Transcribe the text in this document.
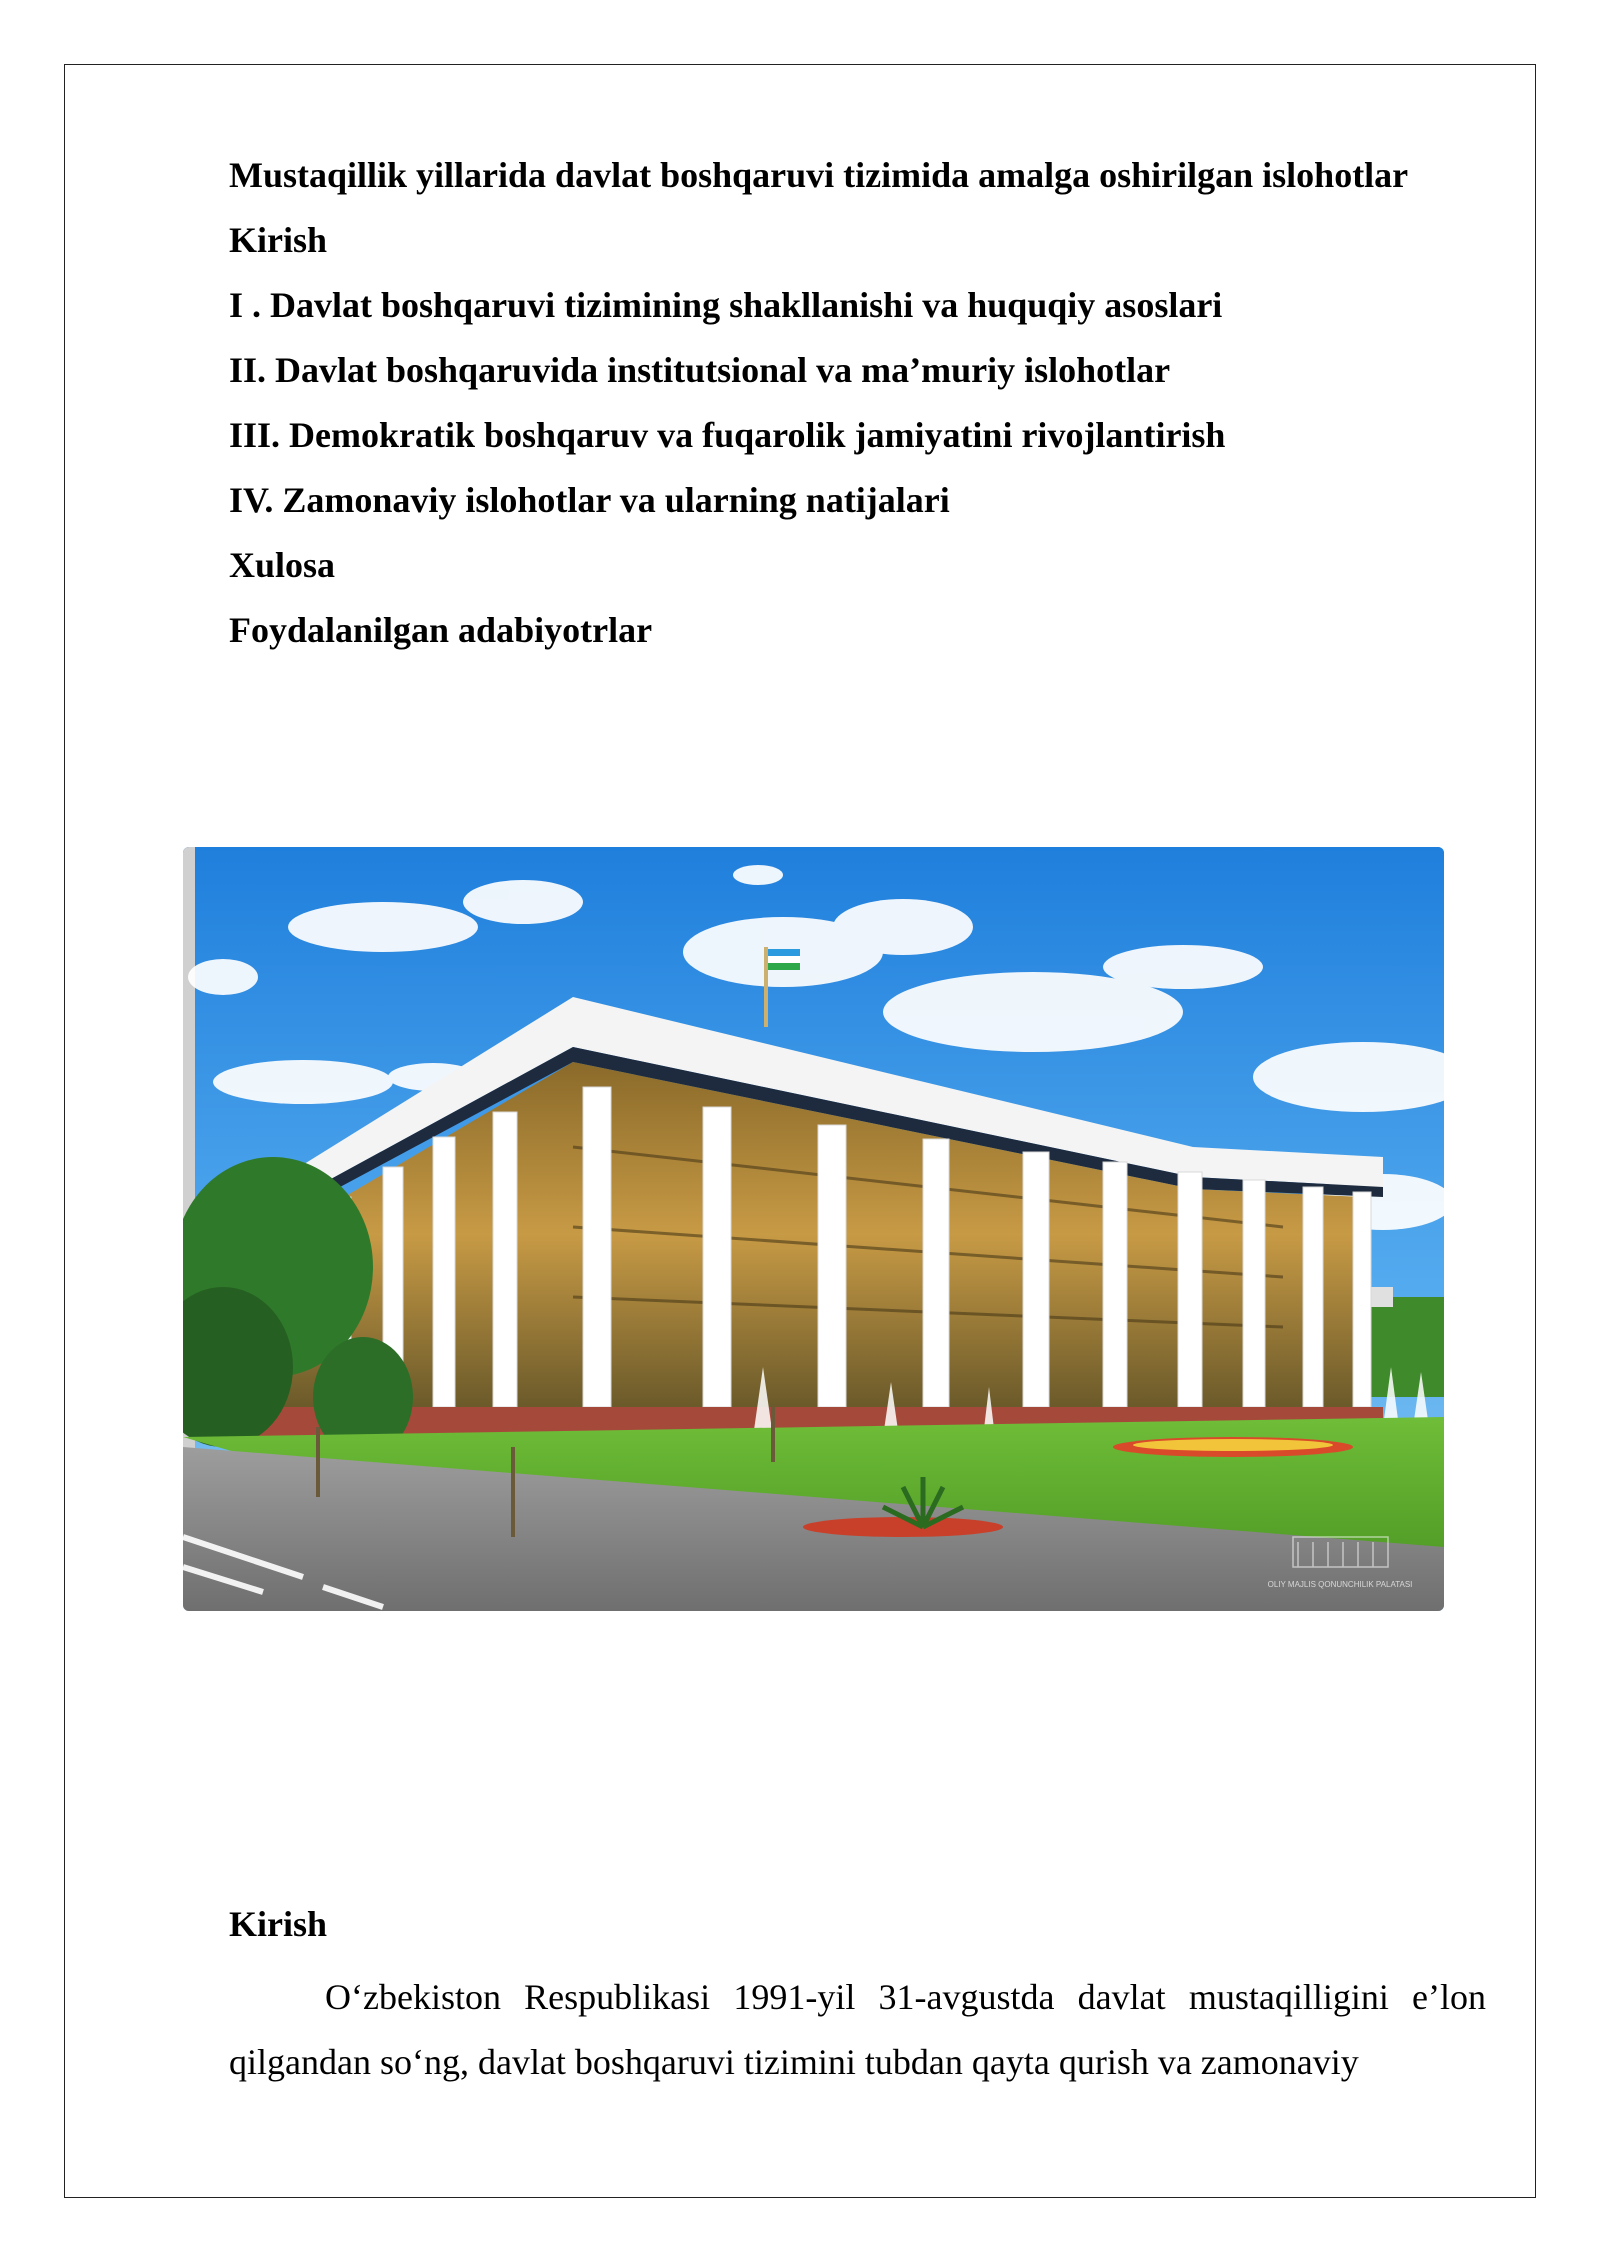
Mustaqillik yillarida davlat boshqaruvi tizimida amalga oshirilgan islohotlar
Kirish
I . Davlat boshqaruvi tizimining shakllanishi va huquqiy asoslari
II. Davlat boshqaruvida institutsional va ma’muriy islohotlar
III. Demokratik boshqaruv va fuqarolik jamiyatini rivojlantirish
IV. Zamonaviy islohotlar va ularning natijalari
Xulosa
Foydalanilgan adabiyotrlar
OLIY MAJLIS QONUNCHILIK PALATASI
Kirish
O‘zbekiston Respublikasi 1991-yil 31-avgustda davlat mustaqilligini e’lon qilgandan so‘ng, davlat boshqaruvi tizimini tubdan qayta qurish va zamonaviy
